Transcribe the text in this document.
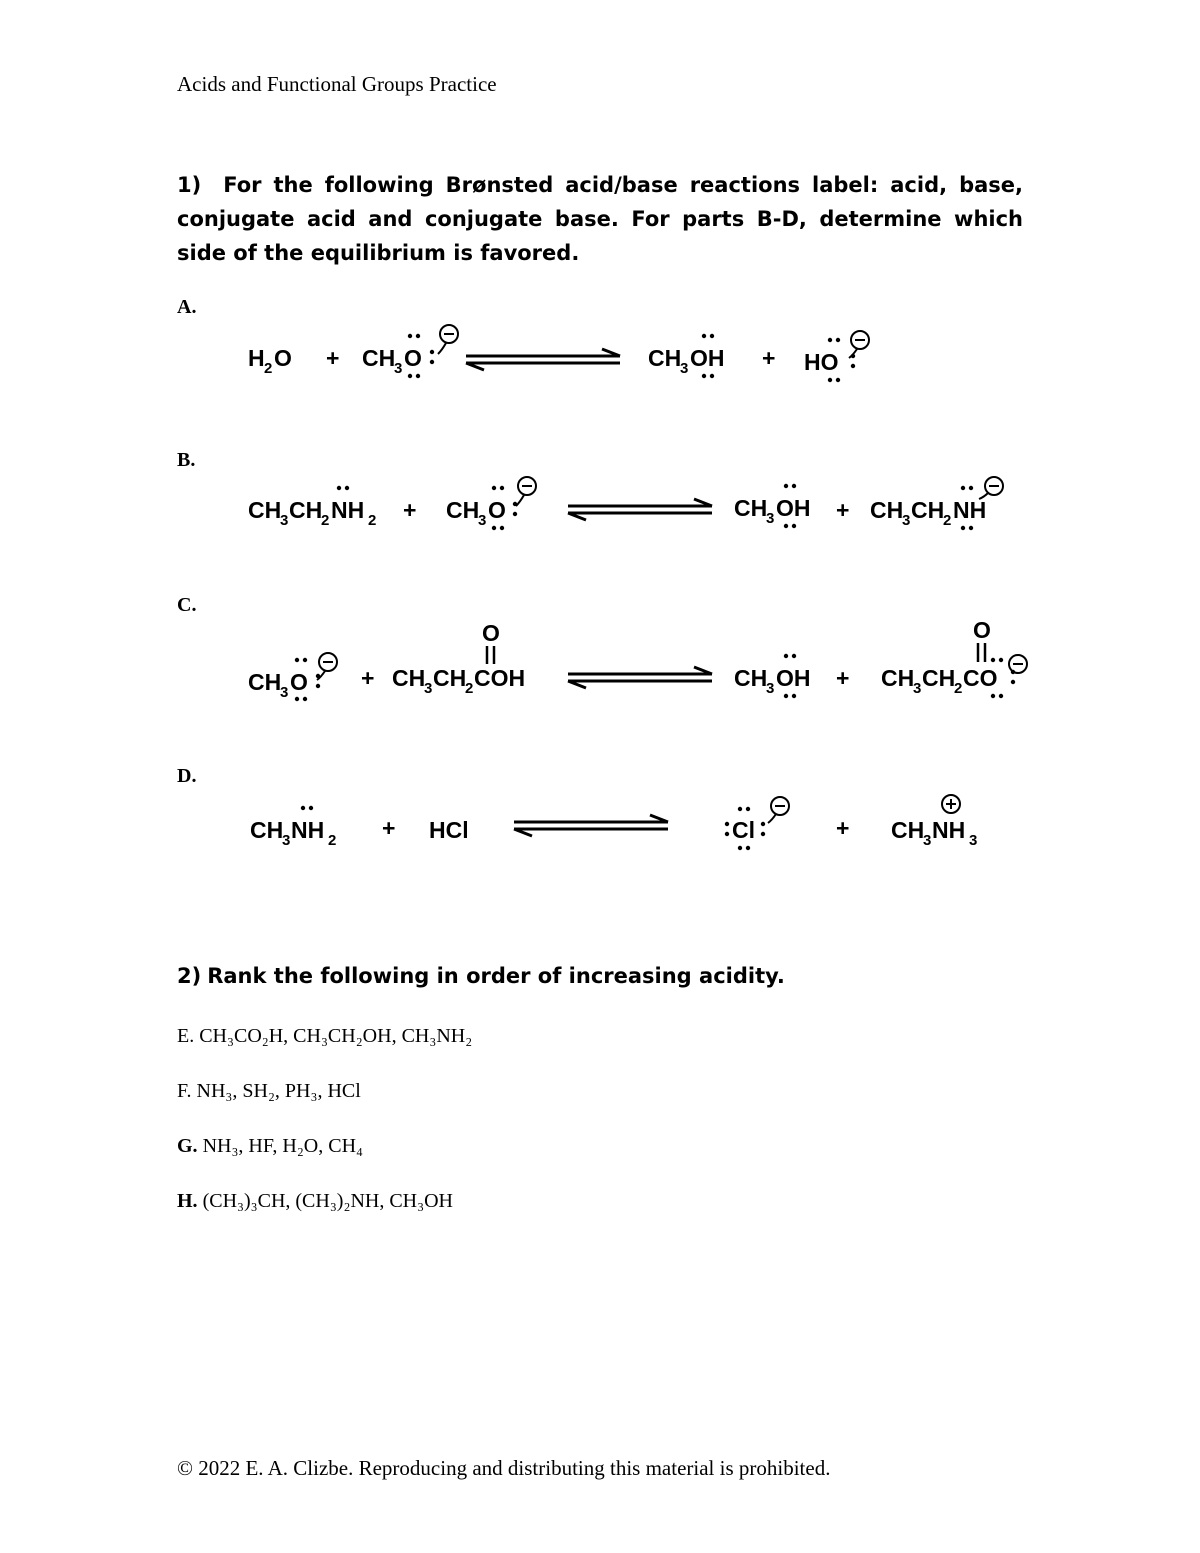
Acids and Functional Groups Practice
1) For the following Brønsted acid/base reactions label: acid, base, conjugate acid and conjugate base. For parts B-D, determine which side of the equilibrium is favored.
A.
H 2 O + CH
3 O	CH
3 OH + HO
B.
CH
3 CH
2 NH 2 + CH
3 O	CH
3 OH + CH
3 CH
2 NH
C.
CH
3 O + CH
3 CH
2 COH
O
CH
3 OH + CH
3 CH
2 CO
O
D.
CH
3 NH 2 + HCl	Cl	+ CH
3 NH 3
2) Rank the following in order of increasing acidity.
E. CH₃CO₂H, CH₃CH₂OH, CH₃NH₂
F. NH₃, SH₂, PH₃, HCl
G. NH₃, HF, H₂O, CH₄
H. (CH₃)₃CH, (CH₃)₂NH, CH₃OH
© 2022 E. A. Clizbe. Reproducing and distributing this material is prohibited.
